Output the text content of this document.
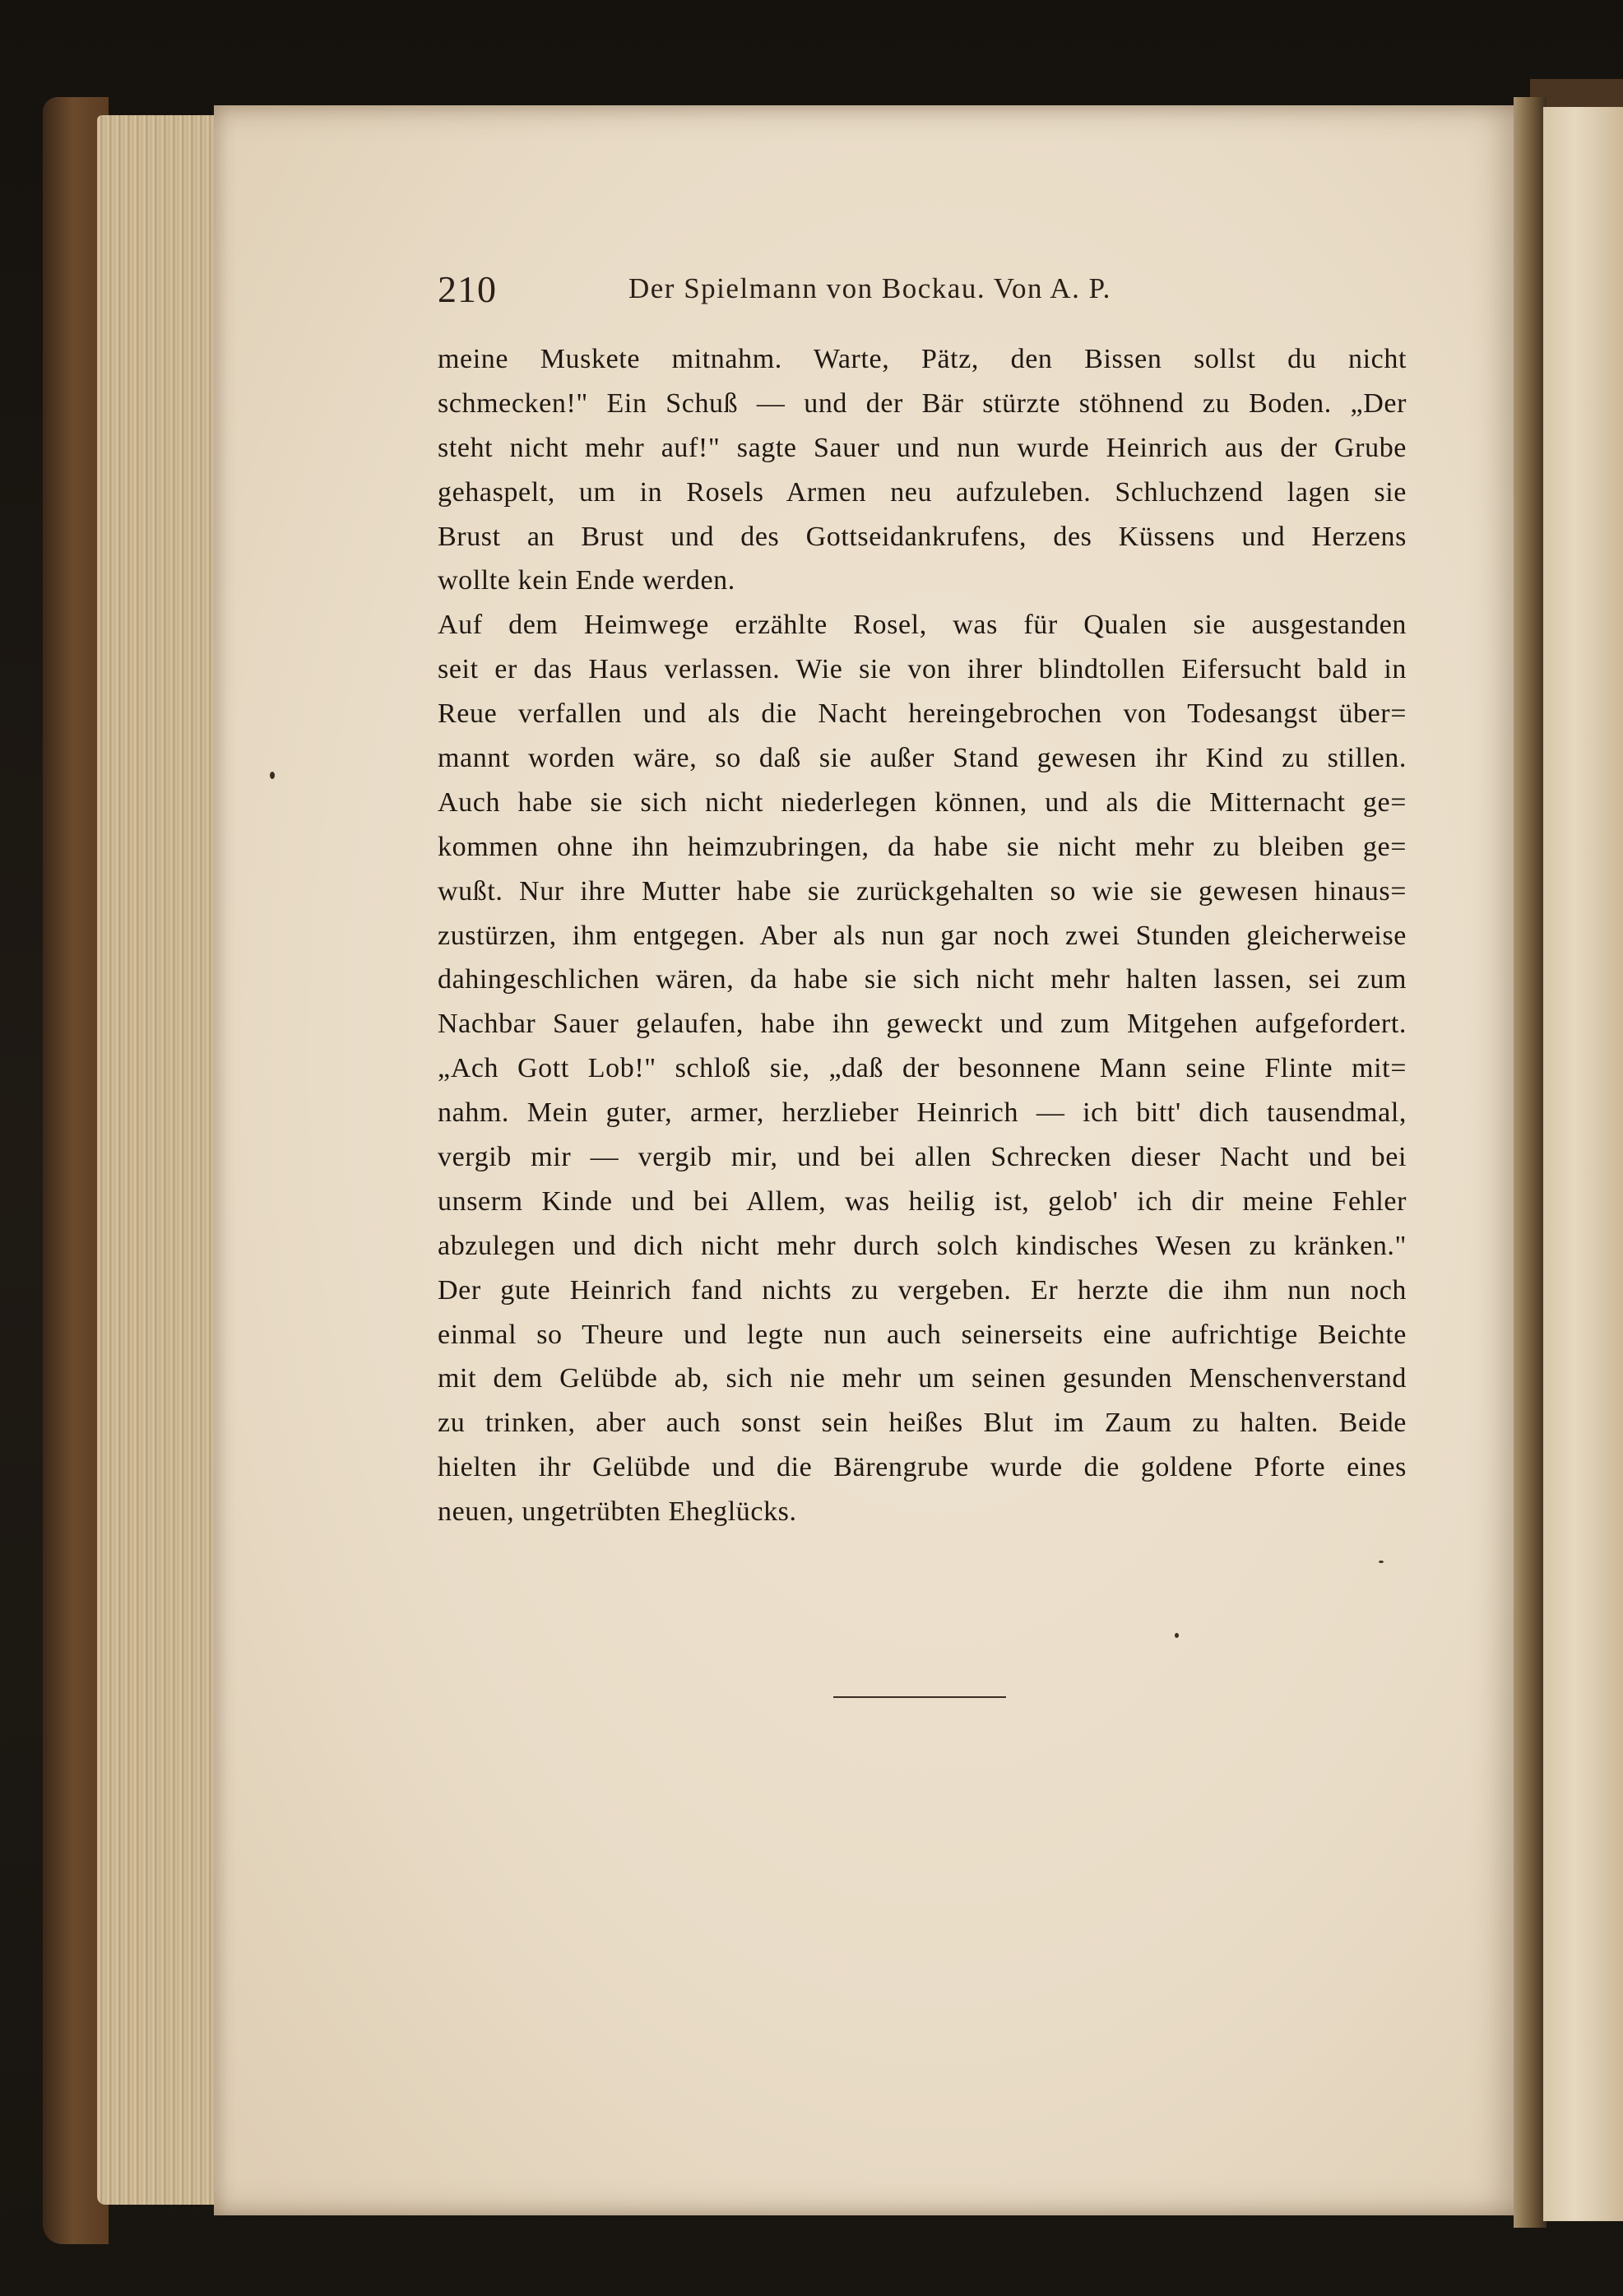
210	Der Spielmann von Bockau. Von A. P.
meine Muskete mitnahm. Warte, Pätz, den Bissen sollst du nicht
schmecken!" Ein Schuß — und der Bär stürzte stöhnend zu Boden. „Der
steht nicht mehr auf!" sagte Sauer und nun wurde Heinrich aus der Grube
gehaspelt, um in Rosels Armen neu aufzuleben. Schluchzend lagen sie
Brust an Brust und des Gottseidankrufens, des Küssens und Herzens
wollte kein Ende werden.
Auf dem Heimwege erzählte Rosel, was für Qualen sie ausgestanden
seit er das Haus verlassen. Wie sie von ihrer blindtollen Eifersucht bald in
Reue verfallen und als die Nacht hereingebrochen von Todesangst über=
mannt worden wäre, so daß sie außer Stand gewesen ihr Kind zu stillen.
Auch habe sie sich nicht niederlegen können, und als die Mitternacht ge=
kommen ohne ihn heimzubringen, da habe sie nicht mehr zu bleiben ge=
wußt. Nur ihre Mutter habe sie zurückgehalten so wie sie gewesen hinaus=
zustürzen, ihm entgegen. Aber als nun gar noch zwei Stunden gleicherweise
dahingeschlichen wären, da habe sie sich nicht mehr halten lassen, sei zum
Nachbar Sauer gelaufen, habe ihn geweckt und zum Mitgehen aufgefordert.
„Ach Gott Lob!" schloß sie, „daß der besonnene Mann seine Flinte mit=
nahm. Mein guter, armer, herzlieber Heinrich — ich bitt' dich tausendmal,
vergib mir — vergib mir, und bei allen Schrecken dieser Nacht und bei
unserm Kinde und bei Allem, was heilig ist, gelob' ich dir meine Fehler
abzulegen und dich nicht mehr durch solch kindisches Wesen zu kränken."
Der gute Heinrich fand nichts zu vergeben. Er herzte die ihm nun noch
einmal so Theure und legte nun auch seinerseits eine aufrichtige Beichte
mit dem Gelübde ab, sich nie mehr um seinen gesunden Menschenverstand
zu trinken, aber auch sonst sein heißes Blut im Zaum zu halten. Beide
hielten ihr Gelübde und die Bärengrube wurde die goldene Pforte eines
neuen, ungetrübten Eheglücks.
